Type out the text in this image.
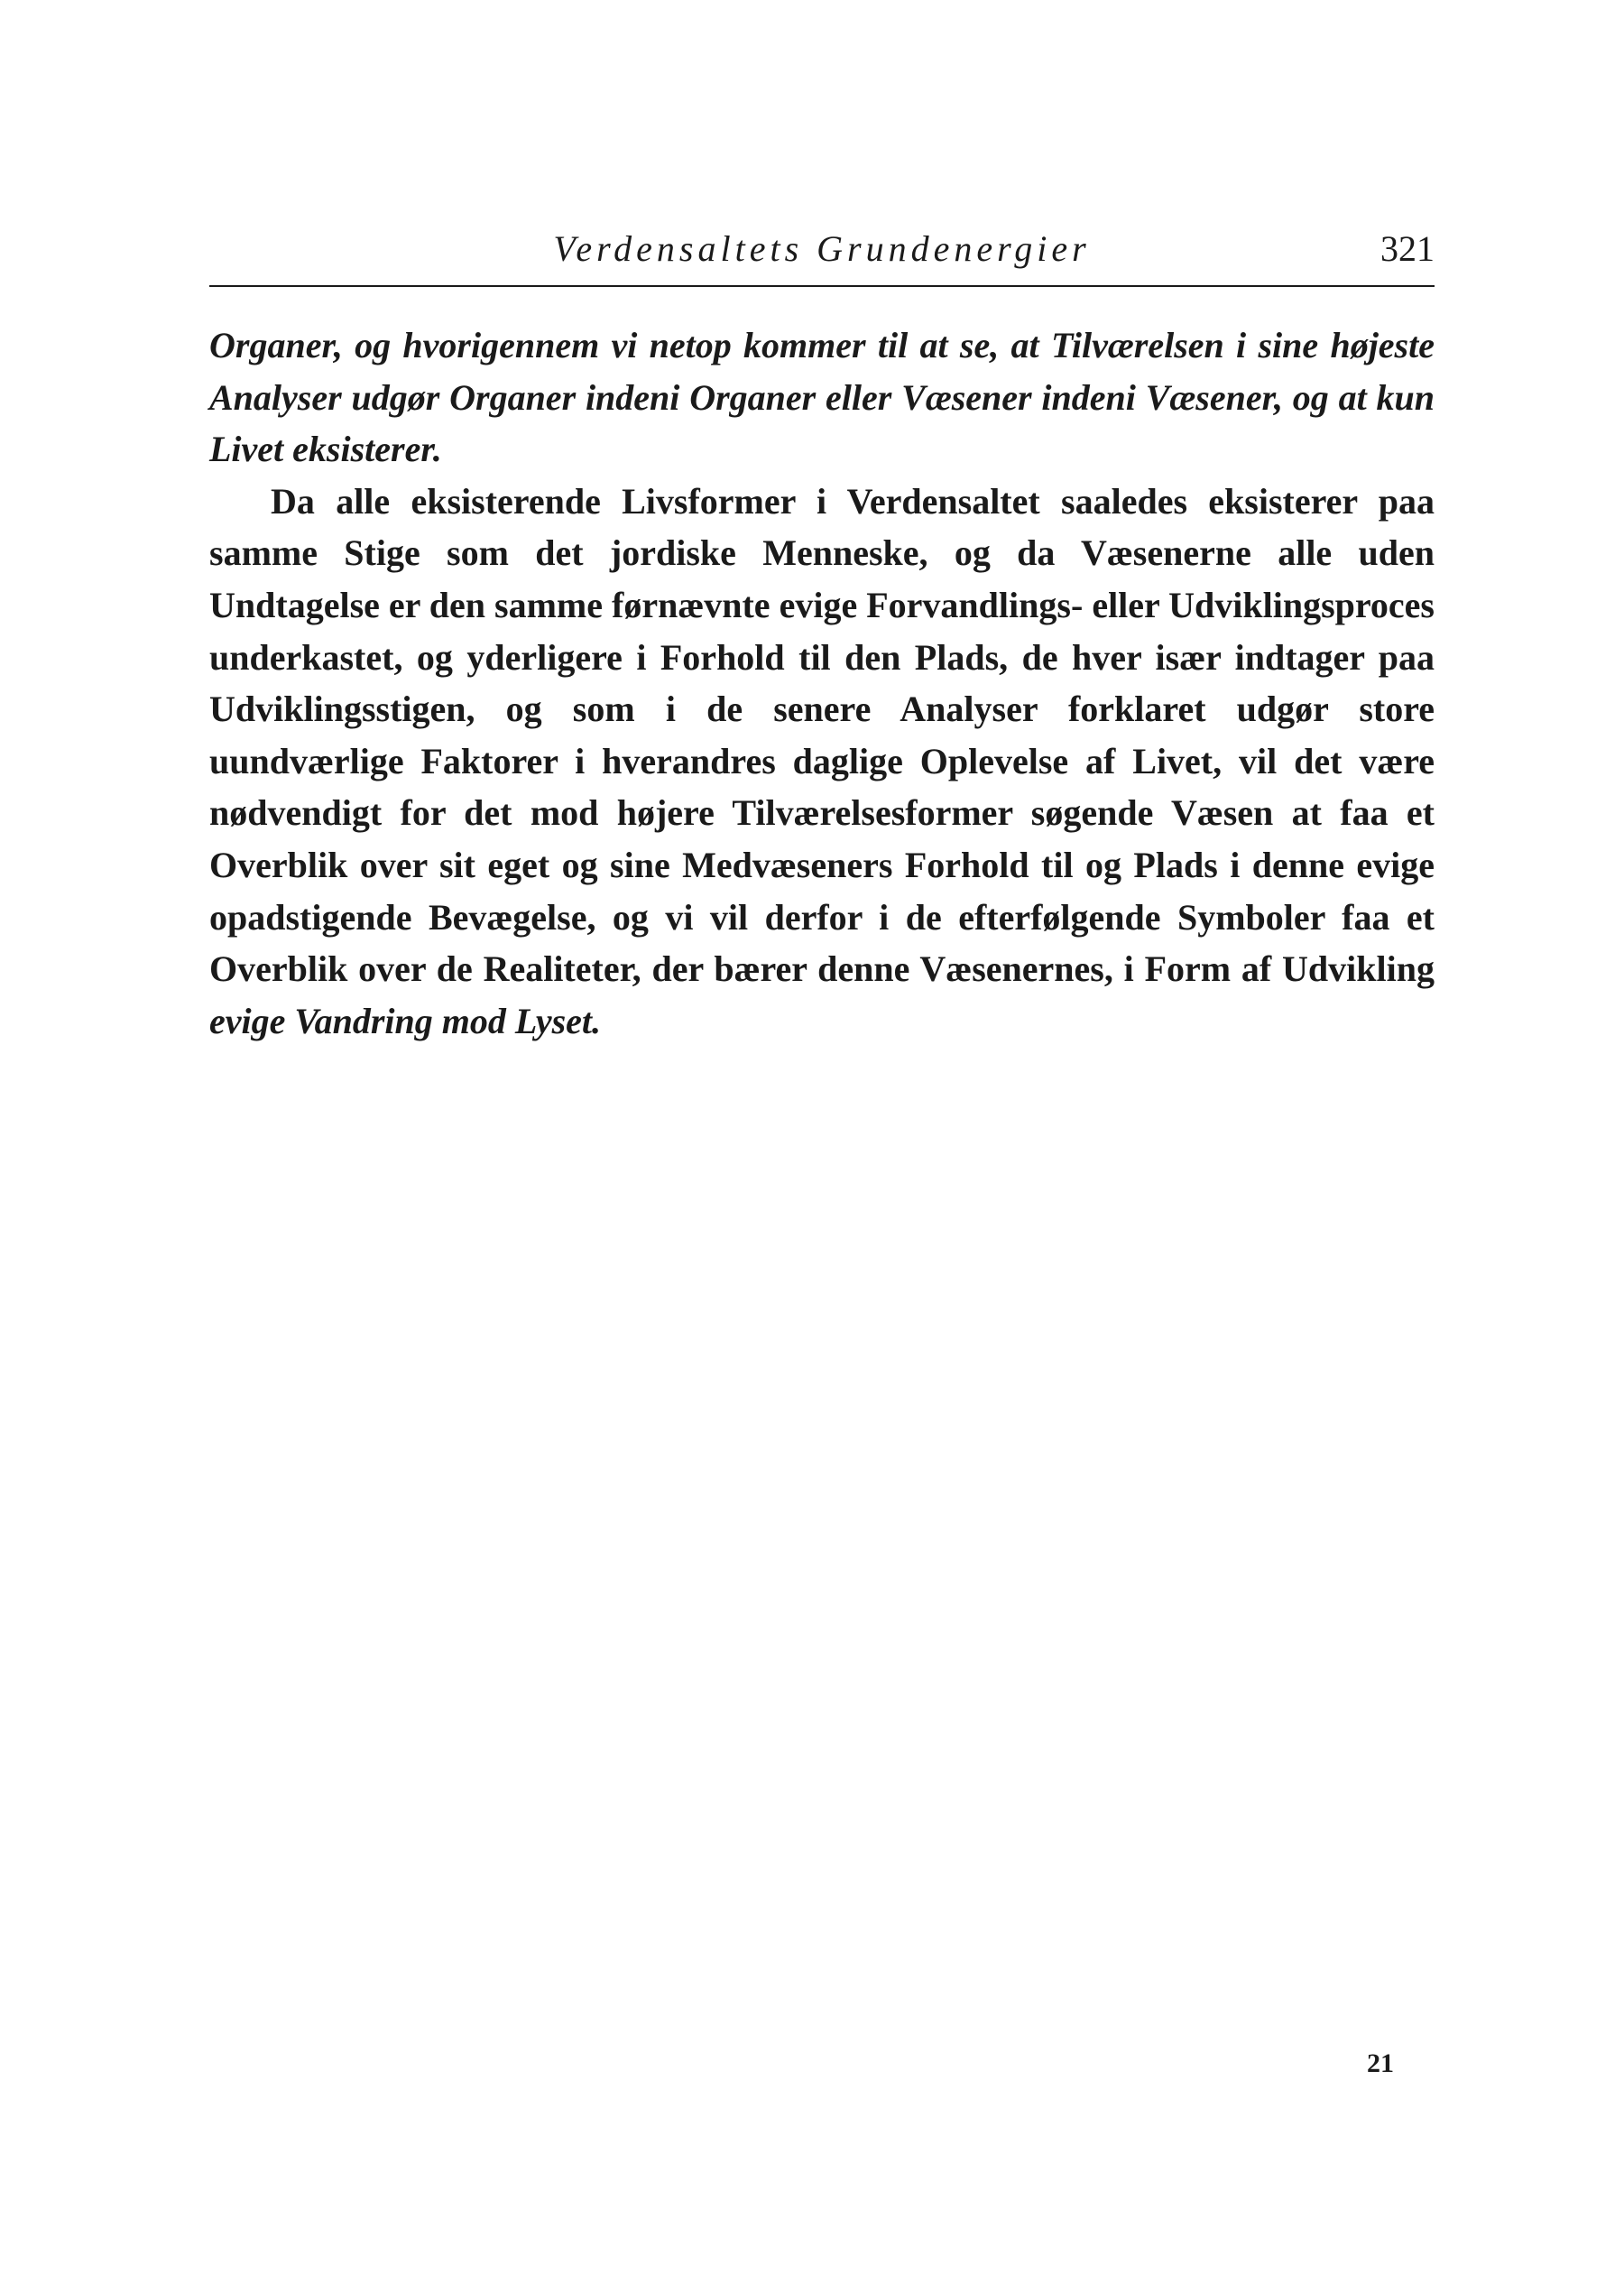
Verdensaltets Grundenergier	321

Organer, og hvorigennem vi netop kommer til at se, at Tilværelsen i sine højeste Analyser udgør Organer indeni Organer eller Væsener indeni Væsener, og at kun Livet eksisterer.

Da alle eksisterende Livsformer i Verdensaltet saaledes eksisterer paa samme Stige som det jordiske Menneske, og da Væsenerne alle uden Undtagelse er den samme førnævnte evige Forvandlings- eller Udviklingsproces underkastet, og yderligere i Forhold til den Plads, de hver især indtager paa Udviklingsstigen, og som i de senere Analyser forklaret udgør store uundværlige Faktorer i hverandres daglige Oplevelse af Livet, vil det være nødvendigt for det mod højere Tilværelsesformer søgende Væsen at faa et Overblik over sit eget og sine Medvæseners Forhold til og Plads i denne evige opadstigende Bevægelse, og vi vil derfor i de efterfølgende Symboler faa et Overblik over de Realiteter, der bærer denne Væsenernes, i Form af Udvikling evige Vandring mod Lyset.

21
